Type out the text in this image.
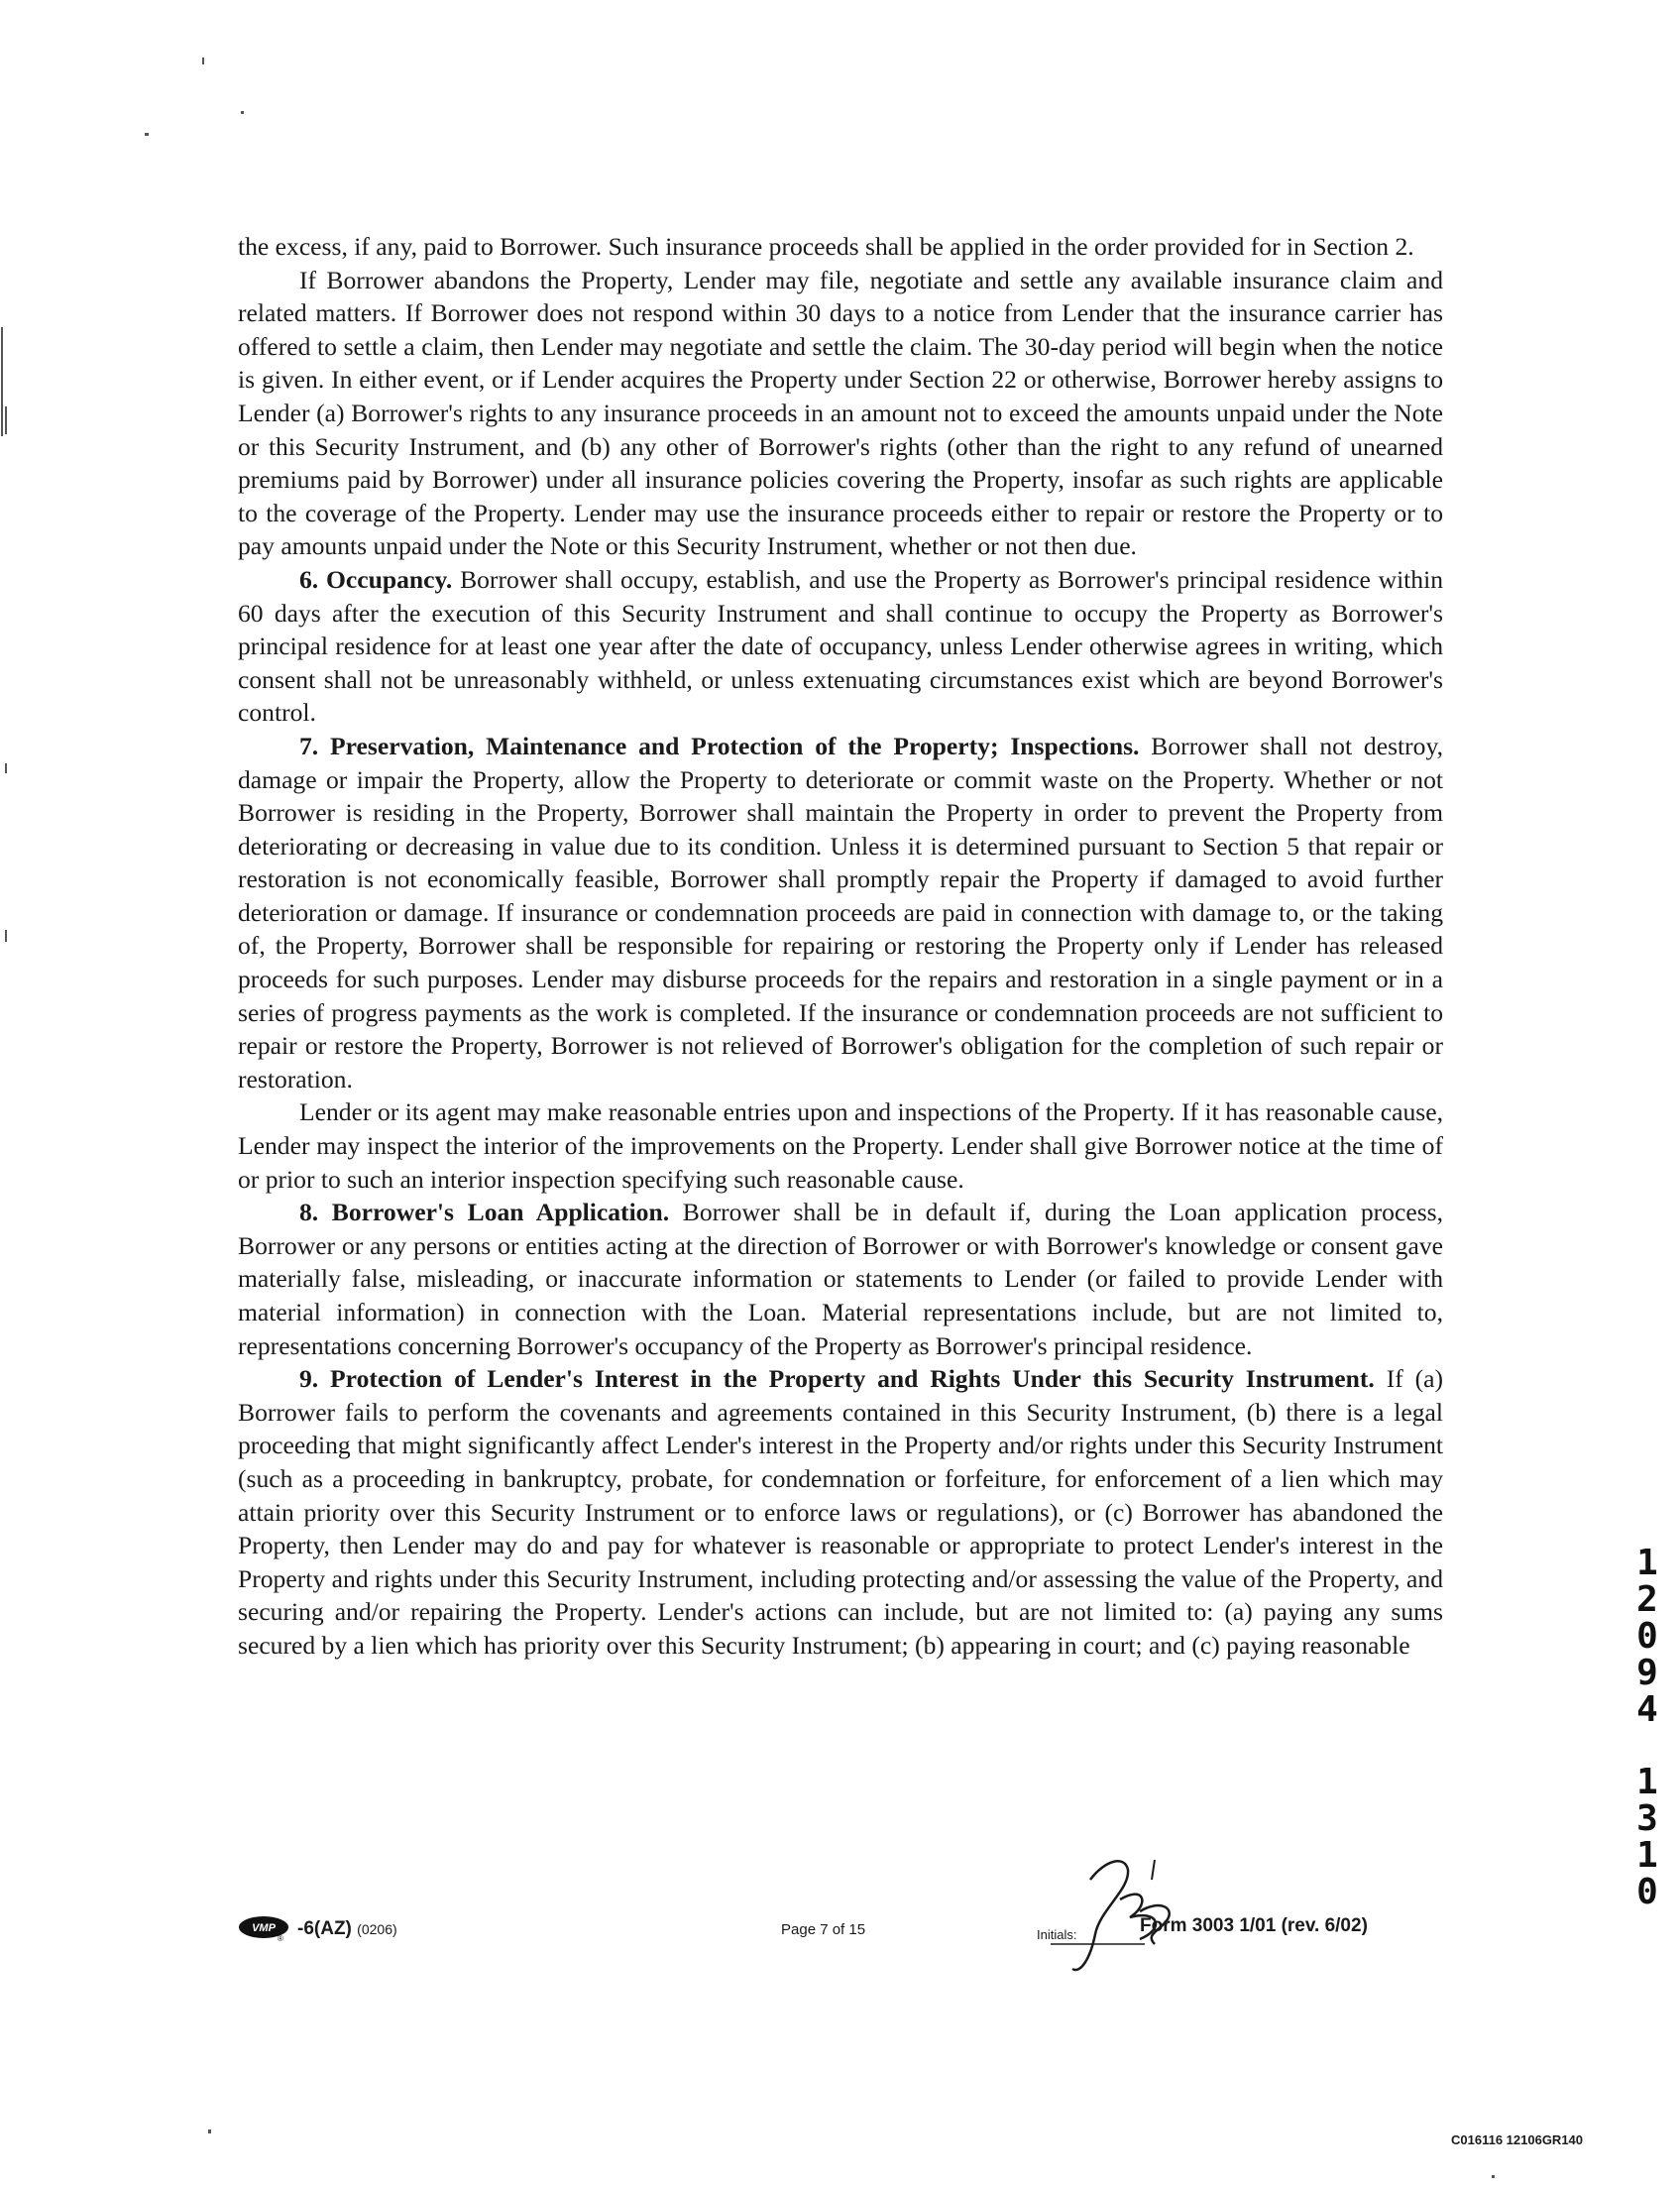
the excess, if any, paid to Borrower. Such insurance proceeds shall be applied in the order provided for in Section 2.

If Borrower abandons the Property, Lender may file, negotiate and settle any available insurance claim and related matters. If Borrower does not respond within 30 days to a notice from Lender that the insurance carrier has offered to settle a claim, then Lender may negotiate and settle the claim. The 30-day period will begin when the notice is given. In either event, or if Lender acquires the Property under Section 22 or otherwise, Borrower hereby assigns to Lender (a) Borrower's rights to any insurance proceeds in an amount not to exceed the amounts unpaid under the Note or this Security Instrument, and (b) any other of Borrower's rights (other than the right to any refund of unearned premiums paid by Borrower) under all insurance policies covering the Property, insofar as such rights are applicable to the coverage of the Property. Lender may use the insurance proceeds either to repair or restore the Property or to pay amounts unpaid under the Note or this Security Instrument, whether or not then due.

6. Occupancy. Borrower shall occupy, establish, and use the Property as Borrower's principal residence within 60 days after the execution of this Security Instrument and shall continue to occupy the Property as Borrower's principal residence for at least one year after the date of occupancy, unless Lender otherwise agrees in writing, which consent shall not be unreasonably withheld, or unless extenuating circumstances exist which are beyond Borrower's control.

7. Preservation, Maintenance and Protection of the Property; Inspections. Borrower shall not destroy, damage or impair the Property, allow the Property to deteriorate or commit waste on the Property. Whether or not Borrower is residing in the Property, Borrower shall maintain the Property in order to prevent the Property from deteriorating or decreasing in value due to its condition. Unless it is determined pursuant to Section 5 that repair or restoration is not economically feasible, Borrower shall promptly repair the Property if damaged to avoid further deterioration or damage. If insurance or condemnation proceeds are paid in connection with damage to, or the taking of, the Property, Borrower shall be responsible for repairing or restoring the Property only if Lender has released proceeds for such purposes. Lender may disburse proceeds for the repairs and restoration in a single payment or in a series of progress payments as the work is completed. If the insurance or condemnation proceeds are not sufficient to repair or restore the Property, Borrower is not relieved of Borrower's obligation for the completion of such repair or restoration.

Lender or its agent may make reasonable entries upon and inspections of the Property. If it has reasonable cause, Lender may inspect the interior of the improvements on the Property. Lender shall give Borrower notice at the time of or prior to such an interior inspection specifying such reasonable cause.

8. Borrower's Loan Application. Borrower shall be in default if, during the Loan application process, Borrower or any persons or entities acting at the direction of Borrower or with Borrower's knowledge or consent gave materially false, misleading, or inaccurate information or statements to Lender (or failed to provide Lender with material information) in connection with the Loan. Material representations include, but are not limited to, representations concerning Borrower's occupancy of the Property as Borrower's principal residence.

9. Protection of Lender's Interest in the Property and Rights Under this Security Instrument. If (a) Borrower fails to perform the covenants and agreements contained in this Security Instrument, (b) there is a legal proceeding that might significantly affect Lender's interest in the Property and/or rights under this Security Instrument (such as a proceeding in bankruptcy, probate, for condemnation or forfeiture, for enforcement of a lien which may attain priority over this Security Instrument or to enforce laws or regulations), or (c) Borrower has abandoned the Property, then Lender may do and pay for whatever is reasonable or appropriate to protect Lender's interest in the Property and rights under this Security Instrument, including protecting and/or assessing the value of the Property, and securing and/or repairing the Property. Lender's actions can include, but are not limited to: (a) paying any sums secured by a lien which has priority over this Security Instrument; (b) appearing in court; and (c) paying reasonable

1
2
0
9
4
1
3
1
0
VMP
® -6(AZ) (0206)	Page 7 of 15	Initials:	Form 3003 1/01 (rev. 6/02)
C016116 12106GR140
